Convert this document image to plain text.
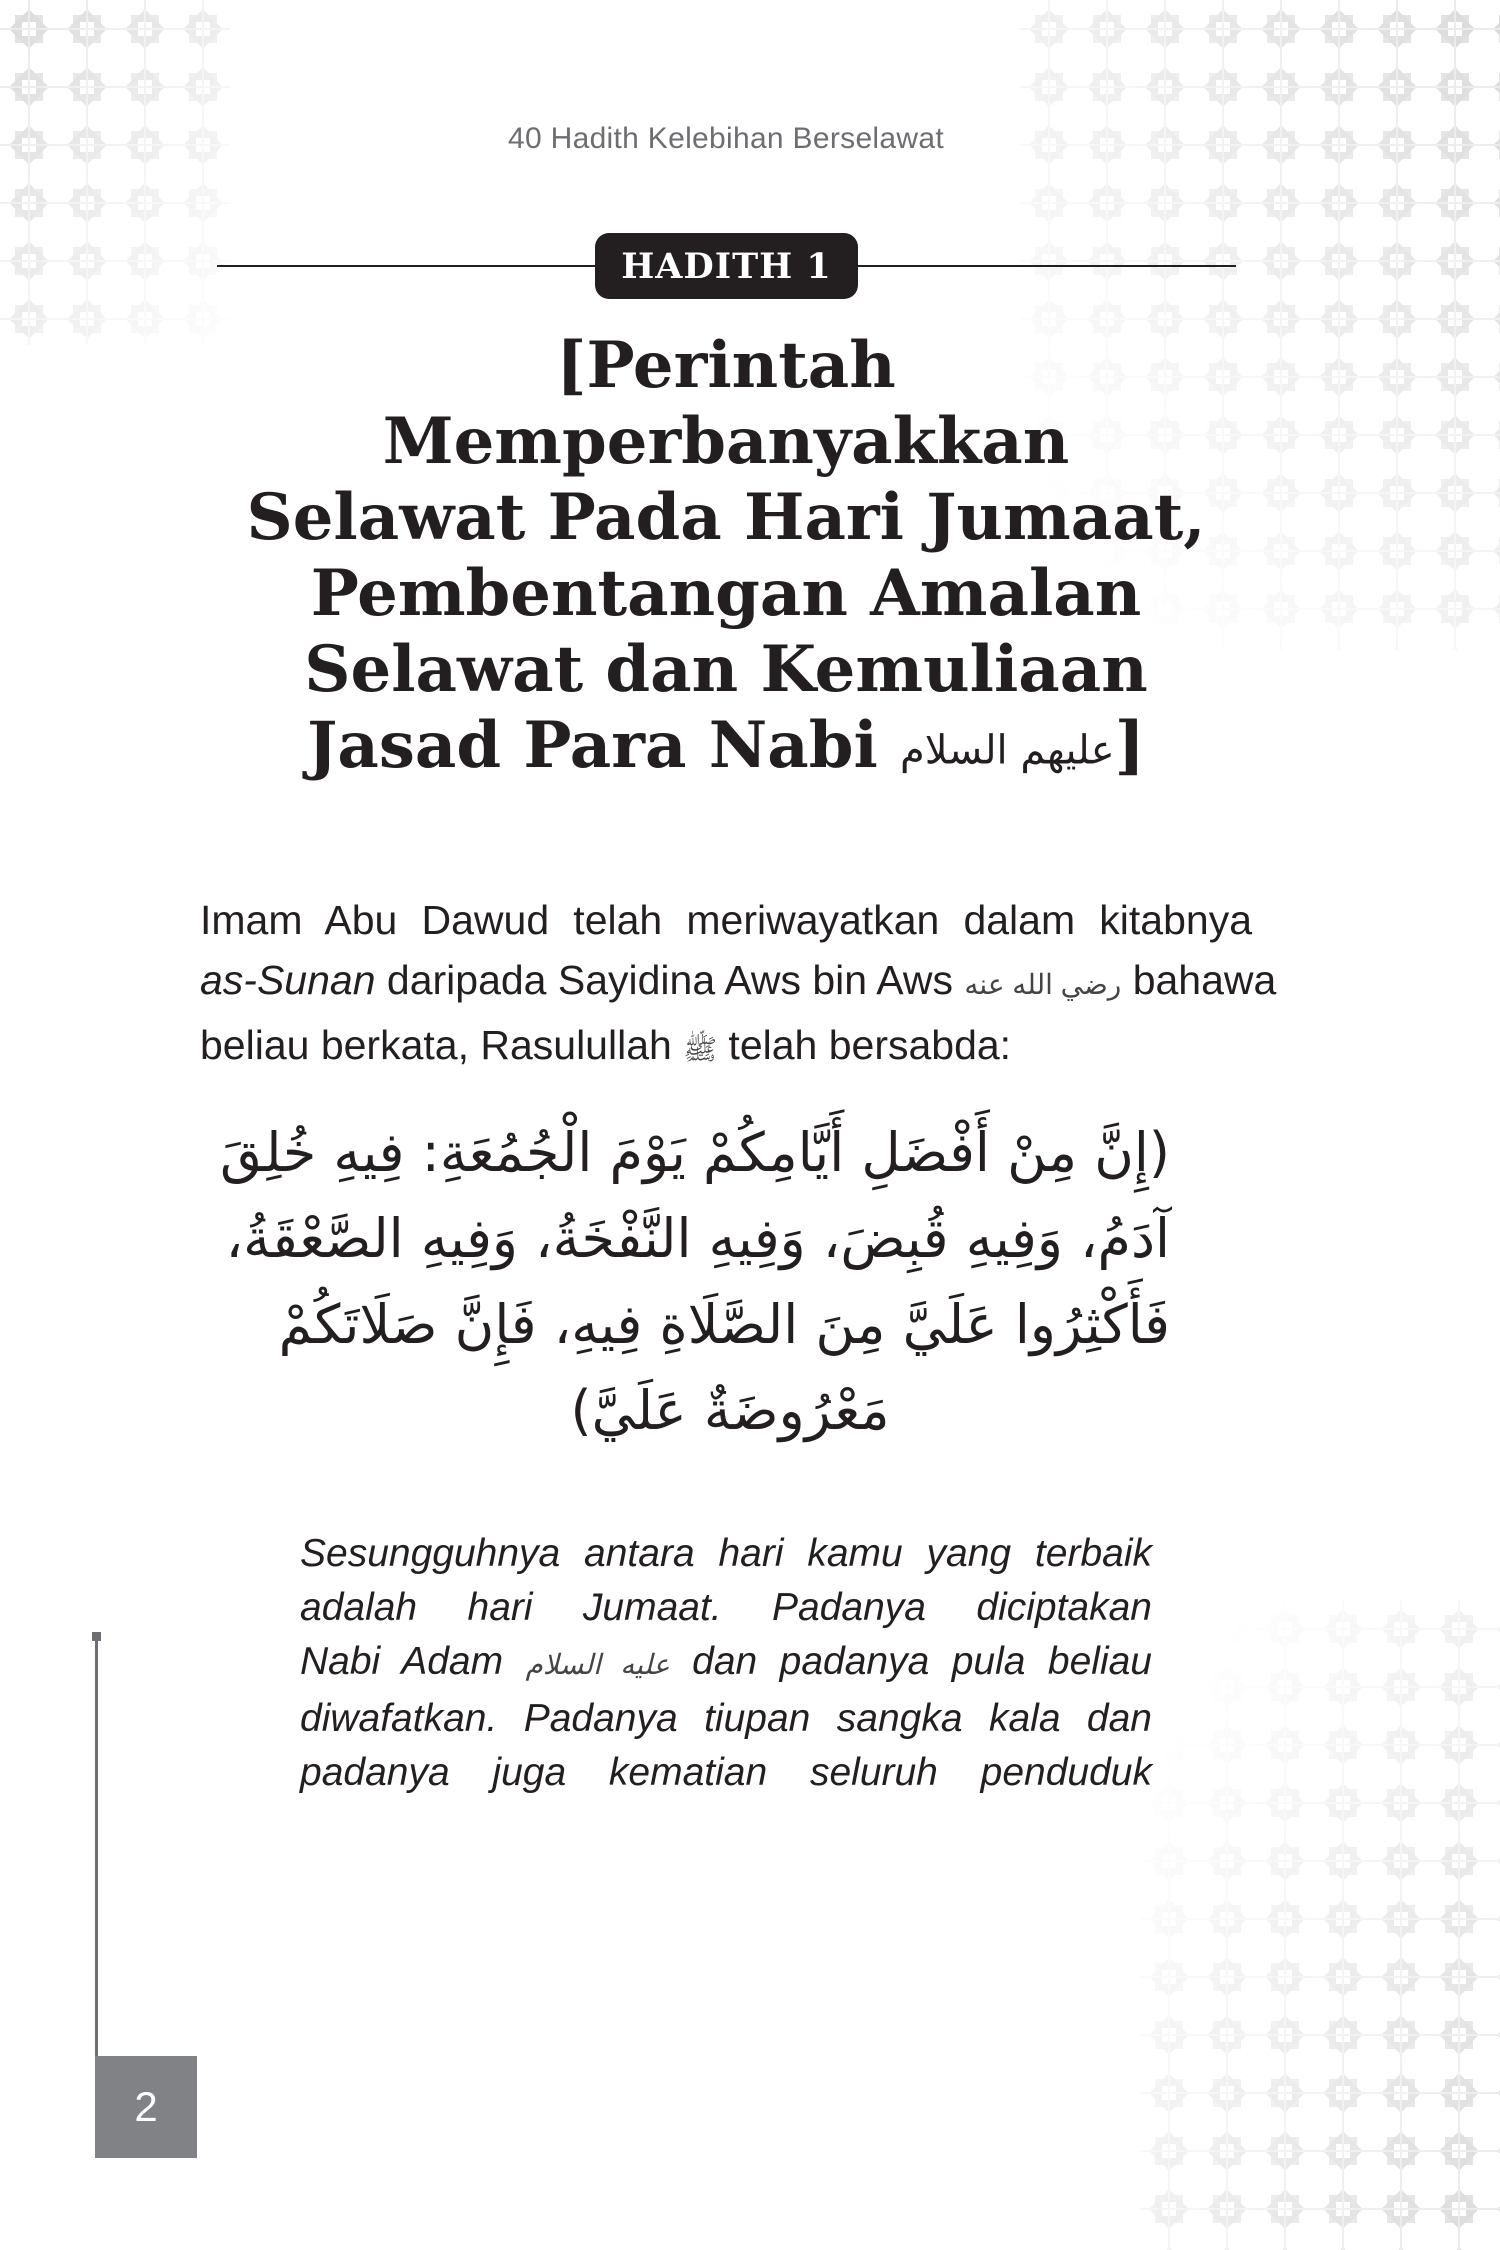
40 Hadith Kelebihan Berselawat
HADITH 1
[Perintah
Memperbanyakkan
Selawat Pada Hari Jumaat,
Pembentangan Amalan
Selawat dan Kemuliaan
Jasad Para Nabi عليهم السلام]
Imam Abu Dawud telah meriwayatkan dalam kitabnya
as-Sunan daripada Sayidina Aws bin Aws رضي الله عنه bahawa
beliau berkata, Rasulullah ﷺ telah bersabda:
(إِنَّ مِنْ أَفْضَلِ أَيَّامِكُمْ يَوْمَ الْجُمُعَةِ: فِيهِ خُلِقَ
آدَمُ، وَفِيهِ قُبِضَ، وَفِيهِ النَّفْخَةُ، وَفِيهِ الصَّعْقَةُ،
فَأَكْثِرُوا عَلَيَّ مِنَ الصَّلَاةِ فِيهِ، فَإِنَّ صَلَاتَكُمْ
مَعْرُوضَةٌ عَلَيَّ)
Sesungguhnya antara hari kamu yang terbaik
adalah hari Jumaat. Padanya diciptakan
Nabi Adam عليه السلام dan padanya pula beliau
diwafatkan. Padanya tiupan sangka kala dan
padanya juga kematian seluruh penduduk
2
